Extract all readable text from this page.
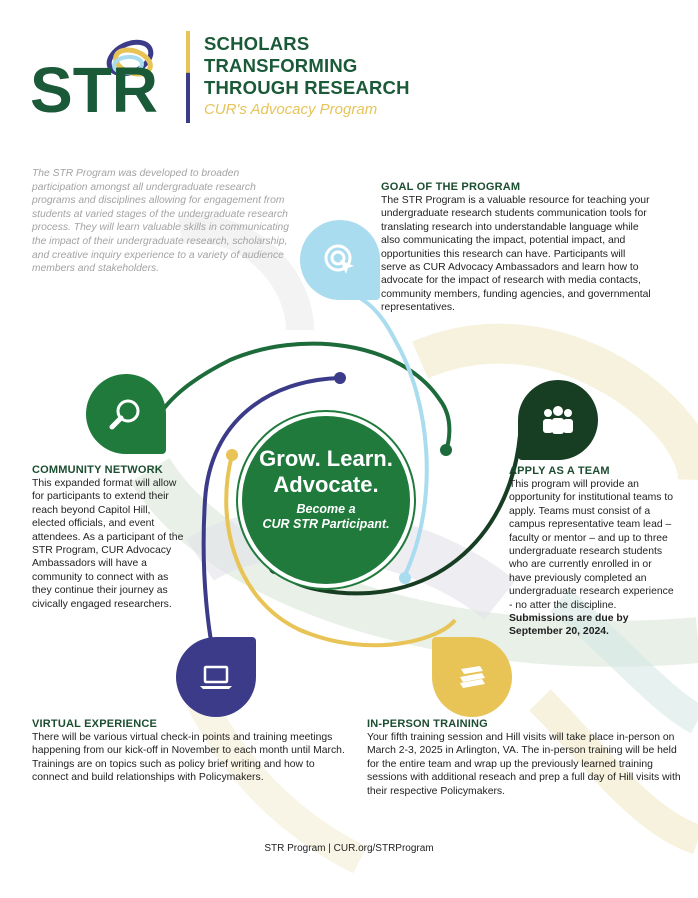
STR
SCHOLARS
TRANSFORMING
THROUGH RESEARCH
CUR's Advocacy Program
The STR Program was developed to broaden participation amongst all undergraduate research programs and disciplines allowing for engagement from students at varied stages of the undergraduate research process. They will learn valuable skills in communicating the impact of their undergraduate research, scholarship, and creative inquiry experience to a variety of audience members and stakeholders.
GOAL OF THE PROGRAM
The STR Program is a valuable resource for teaching your undergraduate research students communication tools for translating research into understandable language while also communicating the impact, potential impact, and opportunities this research can have. Participants will serve as CUR Advocacy Ambassadors and learn how to advocate for the impact of research with media contacts, community members, funding agencies, and governmental representatives.
COMMUNITY NETWORK
This expanded format will allow for participants to extend their reach beyond Capitol Hill, elected officials, and event attendees. As a participant of the STR Program, CUR Advocacy Ambassadors will have a community to connect with as they continue their journey as civically engaged researchers.
APPLY AS A TEAM
This program will provide an opportunity for institutional teams to apply. Teams must consist of a campus representative team lead – faculty or mentor – and up to three undergraduate research students who are currently enrolled in or have previously completed an undergraduate research experience - no atter the discipline. Submissions are due by September 20, 2024.
VIRTUAL EXPERIENCE
There will be various virtual check-in points and training meetings happening from our kick-off in November to each month until March. Trainings are on topics such as policy brief writing and how to connect and build relationships with Policymakers.
IN-PERSON TRAINING
Your fifth training session and Hill visits will take place in-person on March 2-3, 2025 in Arlington, VA. The in-person training will be held for the entire team and wrap up the previously learned training sessions with additional reseach and prep a full day of Hill visits with their respective Policymakers.
Grow. Learn.
Advocate.
Become a
CUR STR Participant.
STR Program | CUR.org/STRProgram
